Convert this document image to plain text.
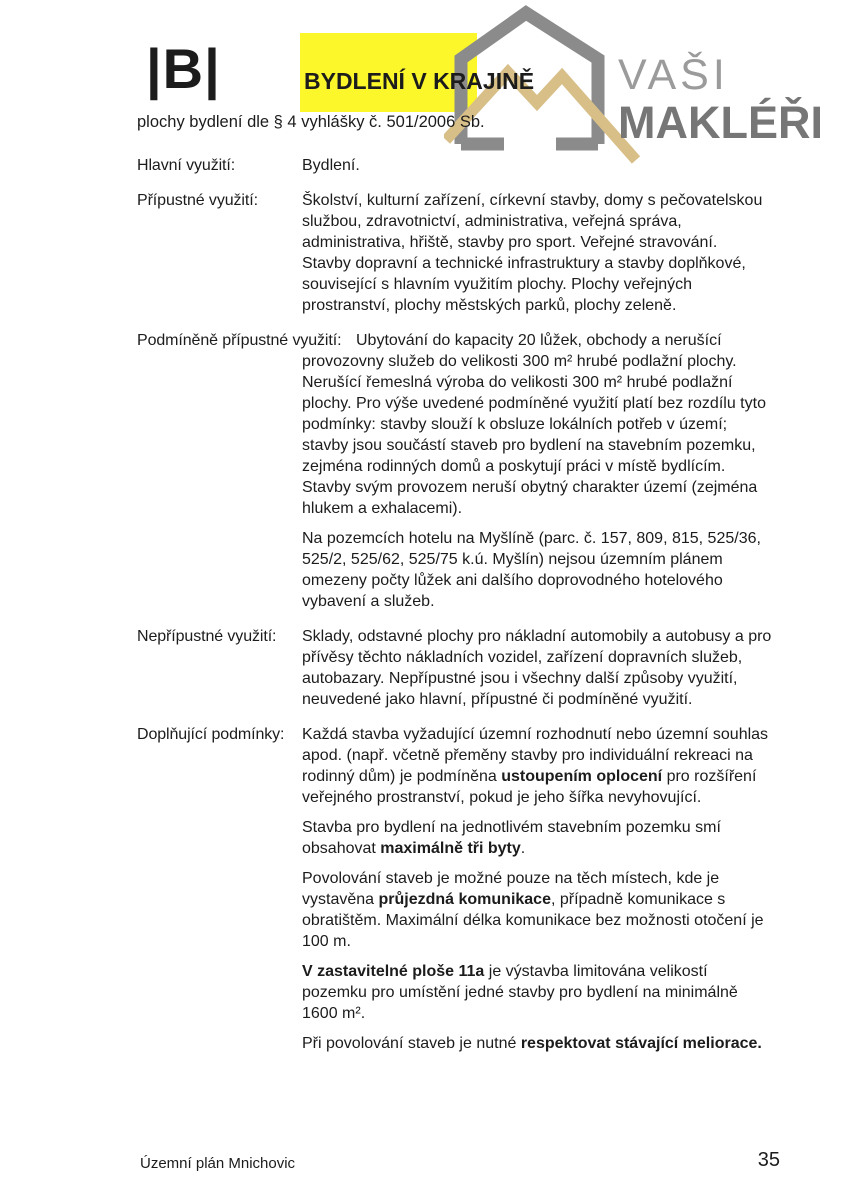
|B|	BYDLENÍ V KRAJINĚ
plochy bydlení dle § 4 vyhlášky č. 501/2006 Sb.
VAŠI
MAKLÉŘI
Hlavní využití:	Bydlení.

Přípustné využití:	Školství, kulturní zařízení, církevní stavby, domy s pečovatelskou službou, zdravotnictví, administrativa, veřejná správa, administrativa, hřiště, stavby pro sport. Veřejné stravování.

Stavby dopravní a technické infrastruktury a stavby doplňkové, související s hlavním využitím plochy. Plochy veřejných prostranství, plochy městských parků, plochy zeleně.

Podmíněně přípustné využití: Ubytování do kapacity 20 lůžek, obchody a nerušící provozovny služeb do velikosti 300 m² hrubé podlažní plochy. Nerušící řemeslná výroba do velikosti 300 m² hrubé podlažní plochy. Pro výše uvedené podmíněné využití platí bez rozdílu tyto podmínky: stavby slouží k obsluze lokálních potřeb v území; stavby jsou součástí staveb pro bydlení na stavebním pozemku, zejména rodinných domů a poskytují práci v místě bydlícím. Stavby svým provozem neruší obytný charakter území (zejména hlukem a exhalacemi).

Na pozemcích hotelu na Myšlíně (parc. č. 157, 809, 815, 525/36, 525/2, 525/62, 525/75 k.ú. Myšlín) nejsou územním plánem omezeny počty lůžek ani dalšího doprovodného hotelového vybavení a služeb.

Nepřípustné využití:	Sklady, odstavné plochy pro nákladní automobily a autobusy a pro přívěsy těchto nákladních vozidel, zařízení dopravních služeb, autobazary. Nepřípustné jsou i všechny další způsoby využití, neuvedené jako hlavní, přípustné či podmíněné využití.

Doplňující podmínky:	Každá stavba vyžadující územní rozhodnutí nebo územní souhlas apod. (např. včetně přeměny stavby pro individuální rekreaci na rodinný dům) je podmíněna ustoupením oplocení pro rozšíření veřejného prostranství, pokud je jeho šířka nevyhovující.

Stavba pro bydlení na jednotlivém stavebním pozemku smí obsahovat maximálně tři byty.

Povolování staveb je možné pouze na těch místech, kde je vystavěna průjezdná komunikace, případně komunikace s obratištěm. Maximální délka komunikace bez možnosti otočení je 100 m.

V zastavitelné ploše 11a je výstavba limitována velikostí pozemku pro umístění jedné stavby pro bydlení na minimálně 1600 m².

Při povolování staveb je nutné respektovat stávající meliorace.

Územní plán Mnichovic	35
